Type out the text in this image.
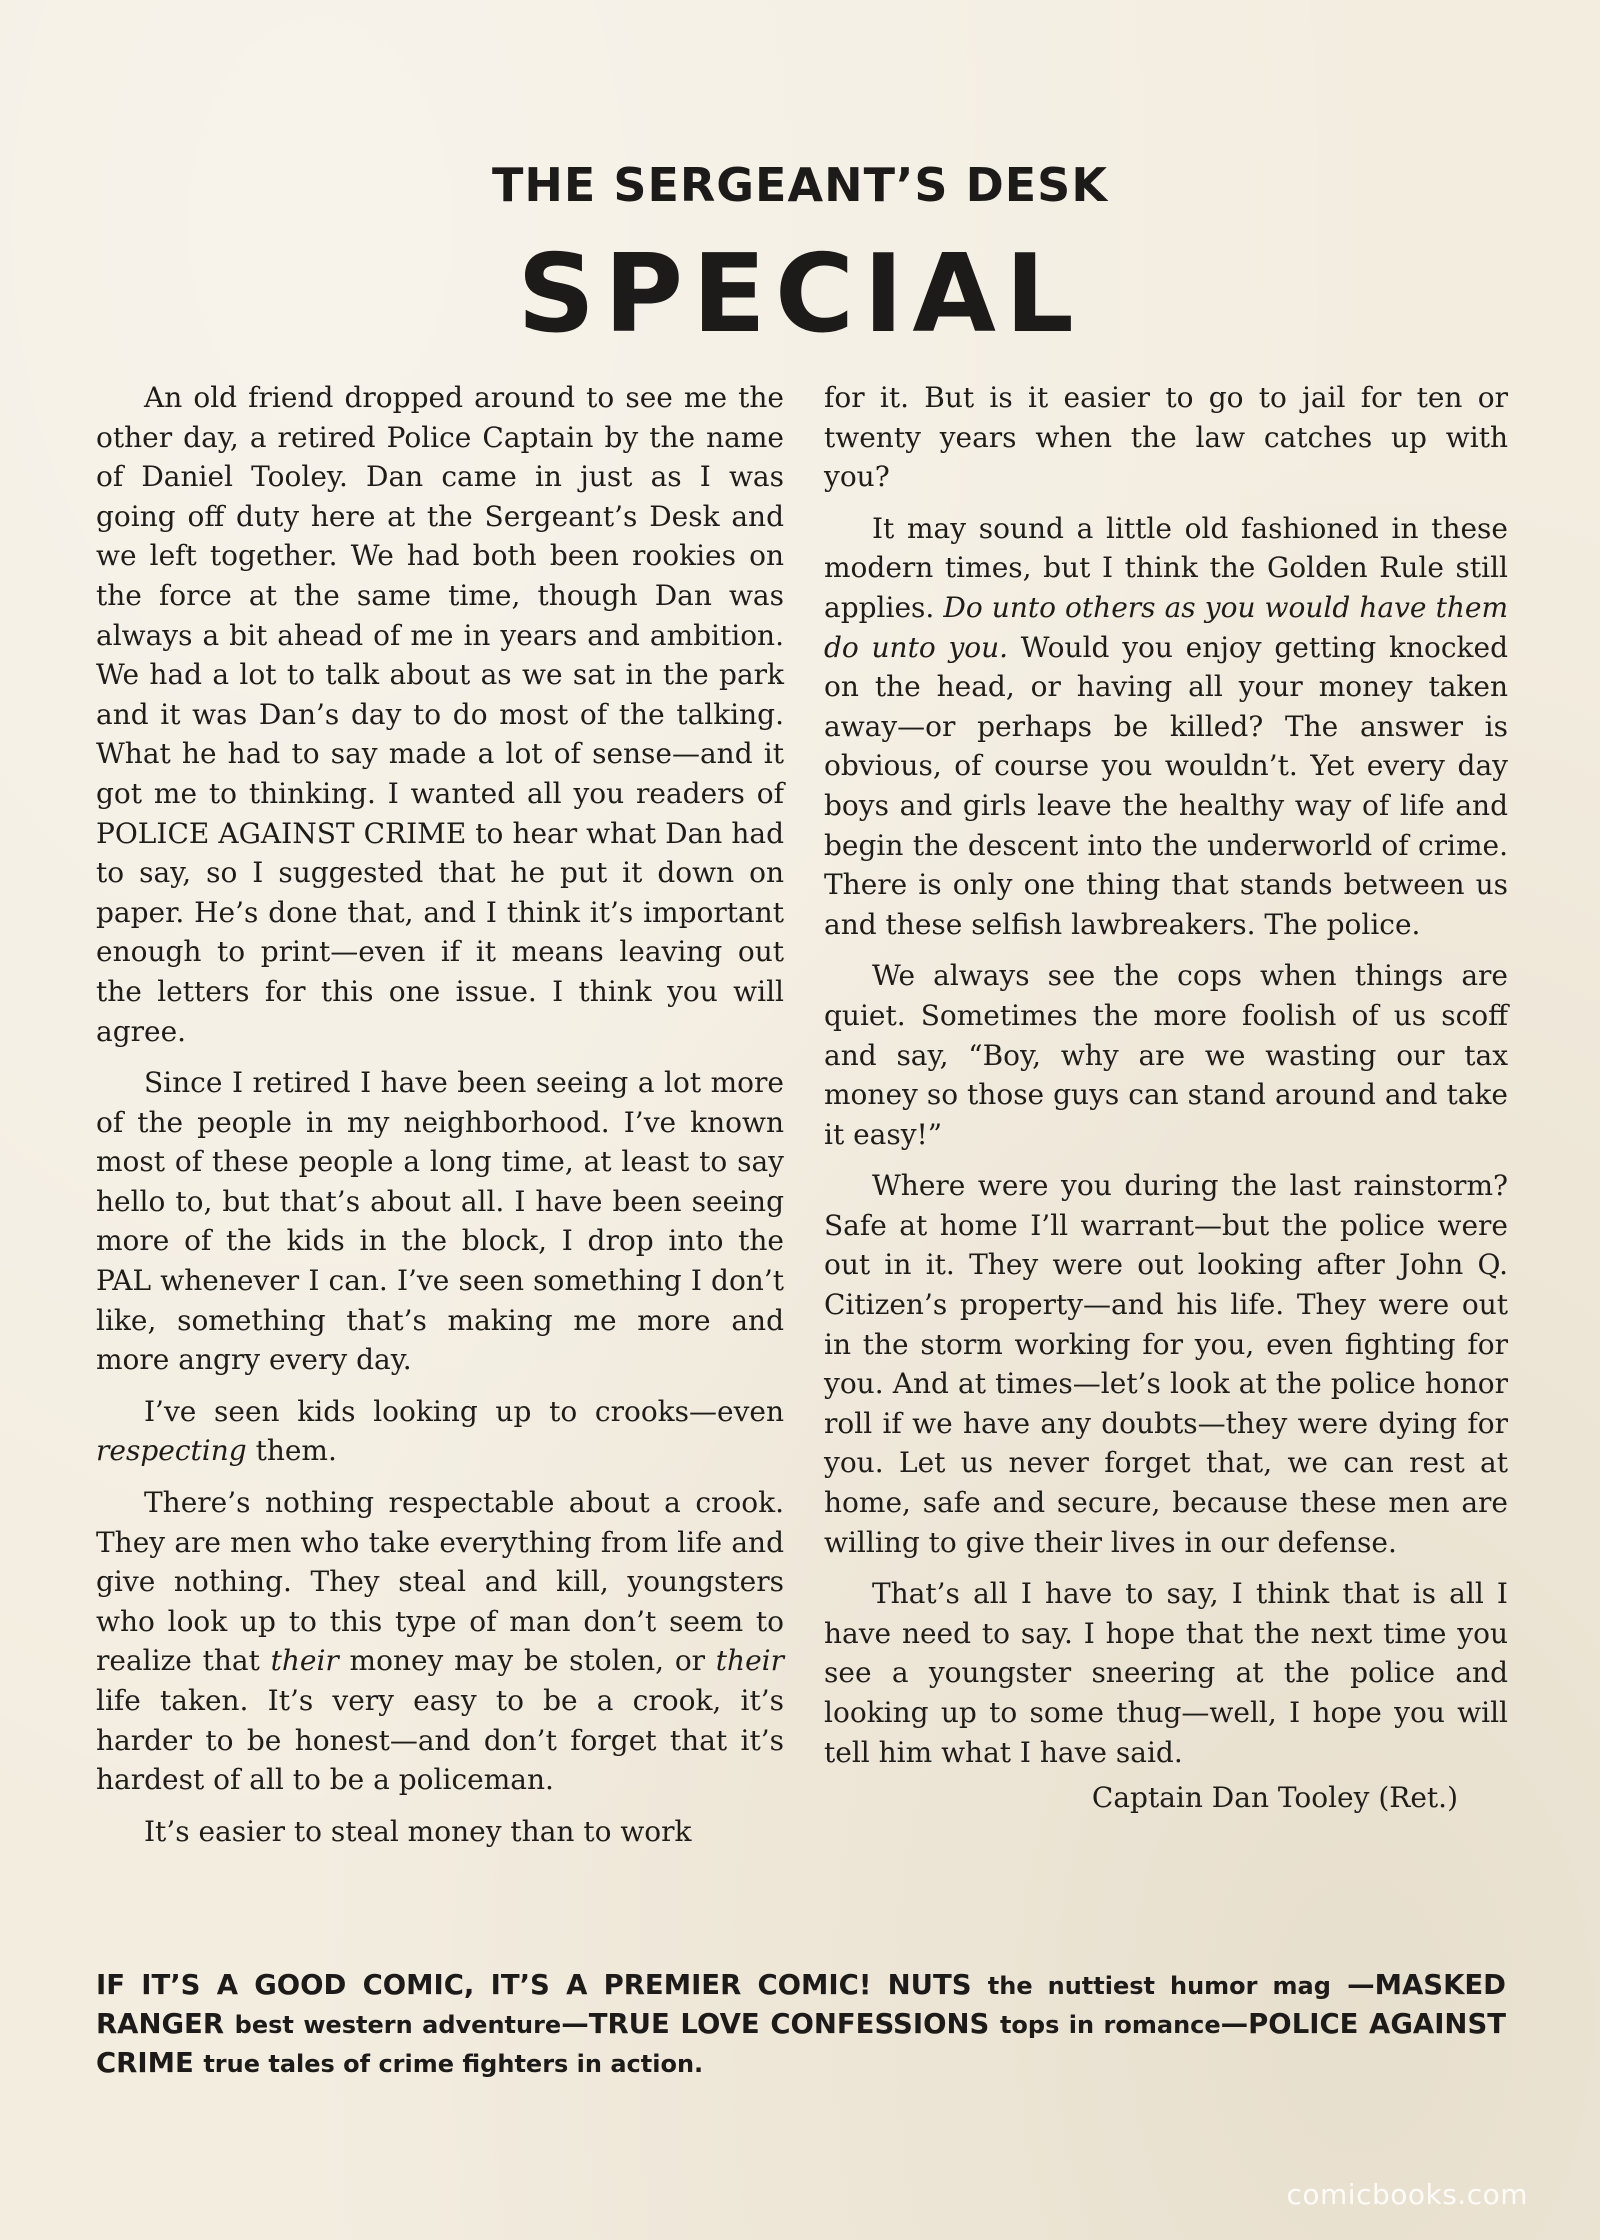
THE SERGEANT’S DESK
SPECIAL

An old friend dropped around to see me the other day, a retired Police Captain by the name of Daniel Tooley. Dan came in just as I was going off duty here at the Sergeant’s Desk and we left together. We had both been rookies on the force at the same time, though Dan was always a bit ahead of me in years and ambition. We had a lot to talk about as we sat in the park and it was Dan’s day to do most of the talking. What he had to say made a lot of sense—and it got me to thinking. I wanted all you readers of POLICE AGAINST CRIME to hear what Dan had to say, so I suggested that he put it down on paper. He’s done that, and I think it’s important enough to print—even if it means leaving out the letters for this one issue. I think you will agree.

Since I retired I have been seeing a lot more of the people in my neighborhood. I’ve known most of these people a long time, at least to say hello to, but that’s about all. I have been seeing more of the kids in the block, I drop into the PAL whenever I can. I’ve seen something I don’t like, something that’s making me more and more angry every day.

I’ve seen kids looking up to crooks—even respecting them.

There’s nothing respectable about a crook. They are men who take everything from life and give nothing. They steal and kill, youngsters who look up to this type of man don’t seem to realize that their money may be stolen, or their life taken. It’s very easy to be a crook, it’s harder to be honest—and don’t forget that it’s hardest of all to be a policeman.

It’s easier to steal money than to work

for it. But is it easier to go to jail for ten or twenty years when the law catches up with you?

It may sound a little old fashioned in these modern times, but I think the Golden Rule still applies. Do unto others as you would have them do unto you. Would you enjoy getting knocked on the head, or having all your money taken away—or perhaps be killed? The answer is obvious, of course you wouldn’t. Yet every day boys and girls leave the healthy way of life and begin the descent into the underworld of crime. There is only one thing that stands between us and these selfish lawbreakers. The police.

We always see the cops when things are quiet. Sometimes the more foolish of us scoff and say, “Boy, why are we wasting our tax money so those guys can stand around and take it easy!”

Where were you during the last rainstorm? Safe at home I’ll warrant—but the police were out in it. They were out looking after John Q. Citizen’s property—and his life. They were out in the storm working for you, even fighting for you. And at times—let’s look at the police honor roll if we have any doubts—they were dying for you. Let us never forget that, we can rest at home, safe and secure, because these men are willing to give their lives in our defense.

That’s all I have to say, I think that is all I have need to say. I hope that the next time you see a youngster sneering at the police and looking up to some thug—well, I hope you will tell him what I have said.

Captain Dan Tooley (Ret.)
IF IT’S A GOOD COMIC, IT’S A PREMIER COMIC! NUTS the nuttiest humor mag —MASKED RANGER best western adventure—TRUE LOVE CONFESSIONS tops in romance—POLICE AGAINST CRIME true tales of crime fighters in action.
comicbooks.com
